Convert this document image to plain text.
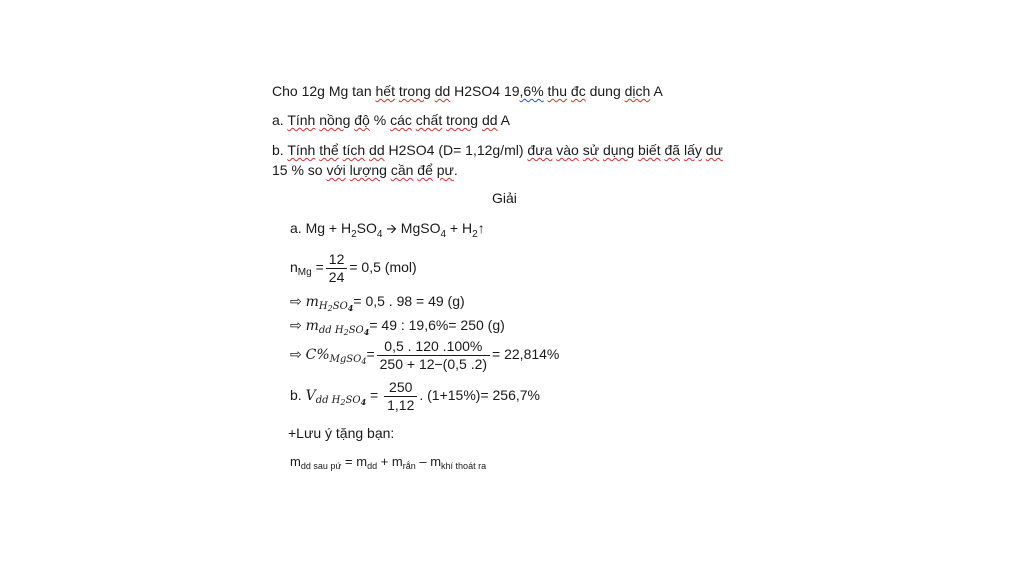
Cho 12g Mg tan hết trong dd H2SO4 19,6% thu đc dung dịch A
a. Tính nồng độ % các chất trong dd A
b. Tính thể tích dd H2SO4 (D= 1,12g/ml) đưa vào sử dụng biết đã lấy dư
15 % so với lượng cần để pư.
Giải
a. $Mg + H_2SO_4$ 🡪 MgSO$_4$ + $H_2↑$
$n_{Mg} = \frac{12}{24} = 0,5$ (mol)
⇨ $m_{H2SO4}= 0,5$ . 98 = 49 (g)
⇨ $m_{dd H2SO4}= 49$ : 19,6%= 250 (g)
⇨ $C\%_{MgSO4}= \frac{0,5 . 120 .100\%}{250 + 12-(0,5 .2)} = 22,814\%$
b. $V_{dd H2SO4} = \frac{250}{1,12}$ . (1+15%)= 256,7%
+Lưu ý tặng bạn:
$m_{dd sau pứ} = m_{dd} + m_{rắn} - m_{khí thoát ra}$
